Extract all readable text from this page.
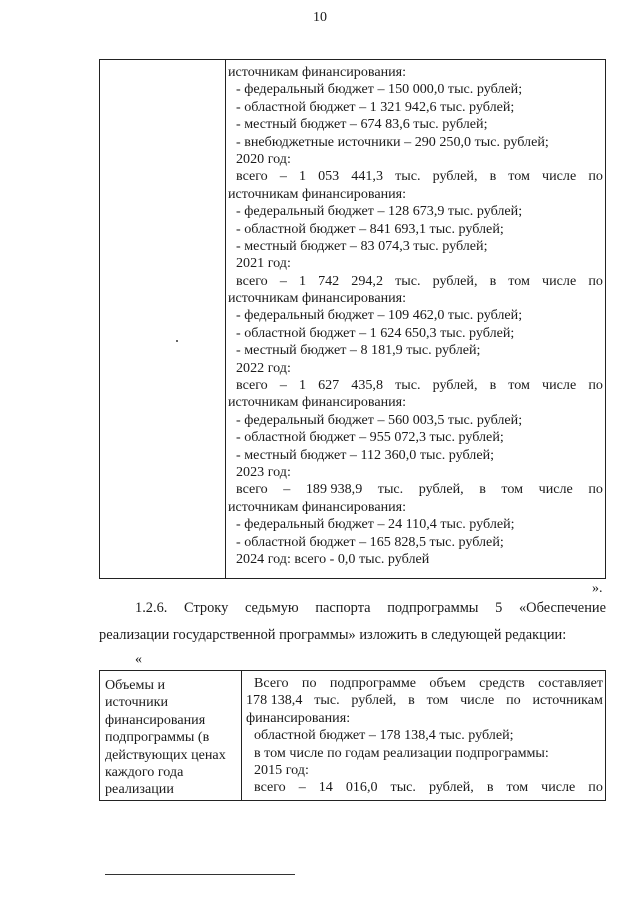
10
источникам финансирования:
- федеральный бюджет – 150 000,0 тыс. рублей;
- областной бюджет – 1 321 942,6 тыс. рублей;
- местный бюджет – 674 83,6 тыс. рублей;
- внебюджетные источники – 290 250,0 тыс. рублей;
2020 год:
всего – 1 053 441,3 тыс. рублей, в том числе по
источникам финансирования:
- федеральный бюджет – 128 673,9 тыс. рублей;
- областной бюджет – 841 693,1 тыс. рублей;
- местный бюджет – 83 074,3 тыс. рублей;
2021 год:
всего – 1 742 294,2 тыс. рублей, в том числе по
источникам финансирования:
- федеральный бюджет – 109 462,0 тыс. рублей;
- областной бюджет – 1 624 650,3 тыс. рублей;
- местный бюджет – 8 181,9 тыс. рублей;
2022 год:
всего – 1 627 435,8 тыс. рублей, в том числе по
источникам финансирования:
- федеральный бюджет – 560 003,5 тыс. рублей;
- областной бюджет – 955 072,3 тыс. рублей;
- местный бюджет – 112 360,0 тыс. рублей;
2023 год:
всего – 189 938,9 тыс. рублей, в том числе по
источникам финансирования:
- федеральный бюджет – 24 110,4 тыс. рублей;
- областной бюджет – 165 828,5 тыс. рублей;
2024 год: всего - 0,0 тыс. рублей
».
1.2.6. Строку седьмую паспорта подпрограммы 5 «Обеспечение
реализации государственной программы» изложить в следующей редакции:
«
Объемы и
источники
финансирования
подпрограммы (в
действующих ценах
каждого года
реализации
Всего по подпрограмме объем средств составляет
178 138,4 тыс. рублей, в том числе по источникам
финансирования:
областной бюджет – 178 138,4 тыс. рублей;
в том числе по годам реализации подпрограммы:
2015 год:
всего – 14 016,0 тыс. рублей, в том числе по
